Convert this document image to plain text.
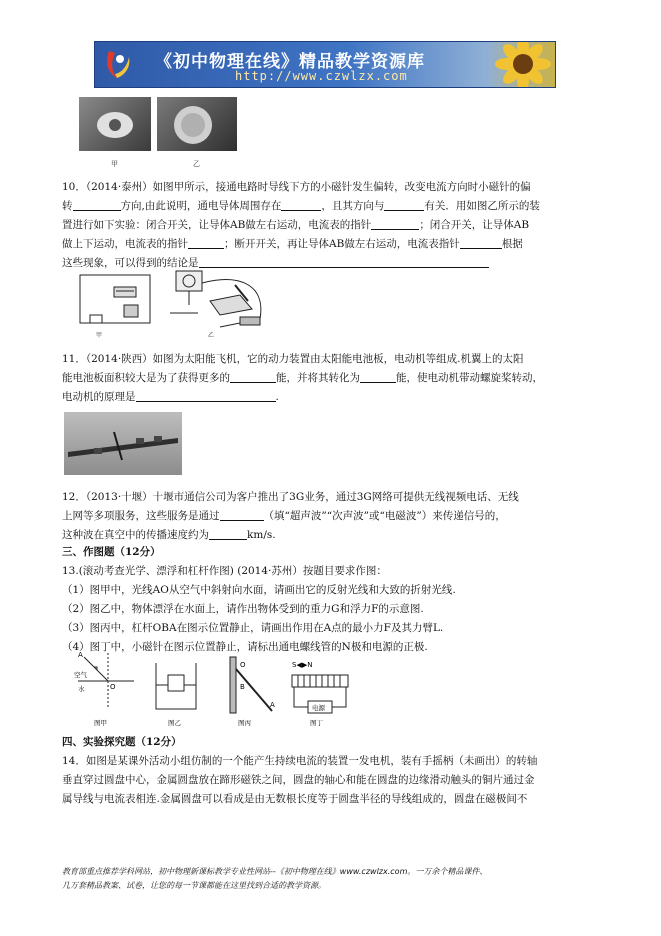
《初中物理在线》精品教学资源库
http://www.czwlzx.com
甲	乙
10．（2014·泰州）如图甲所示，接通电路时导线下方的小磁针发生偏转，改变电流方向时小磁针的偏
转	方向,由此说明，通电导体周围存在	，且其方向与	有关．用如图乙所示的装
置进行如下实验：闭合开关，让导体AB做左右运动，电流表的指针	；闭合开关，让导体AB
做上下运动，电流表的指针	；断开开关，再让导体AB做左右运动，电流表指针	根据
这些现象，可以得到的结论是
甲	乙
11．（2014·陕西）如图为太阳能飞机，它的动力装置由太阳能电池板，电动机等组成.机翼上的太阳
能电池板面积较大是为了获得更多的	能，并将其转化为	能，使电动机带动螺旋桨转动，
电动机的原理是	.
12．（2013·十堰）十堰市通信公司为客户推出了3G业务，通过3G网络可提供无线视频电话、无线
上网等多项服务，这些服务是通过	（填“超声波”“次声波”或“电磁波”）来传递信号的，
这种波在真空中的传播速度约为	km/s.
三、作图题（12分）
13.(滚动考查光学、漂浮和杠杆作图) (2014·苏州）按题目要求作图：
（1）图甲中，光线AO从空气中斜射向水面，请画出它的反射光线和大致的折射光线.
（2）图乙中，物体漂浮在水面上，请作出物体受到的重力G和浮力F的示意图.
（3）图丙中，杠杆OBA在图示位置静止，请画出作用在A点的最小力F及其力臂L.
（4）图丁中，小磁针在图示位置静止，请标出通电螺线管的N极和电源的正极.
A
O
空气
水
图甲	图乙
O
B
A
图丙
S◀▶N
电源
图丁
四、实验探究题（12分）
14．如图是某课外活动小组仿制的一个能产生持续电流的装置一发电机，装有手摇柄（未画出）的转轴
垂直穿过圆盘中心，金属圆盘放在蹄形磁铁之间，圆盘的轴心和能在圆盘的边缘滑动触头的铜片通过金
属导线与电流表相连.金属圆盘可以看成是由无数根长度等于圆盘半径的导线组成的，圆盘在磁极间不
教育部重点推荐学科网站，初中物理新课标教学专业性网站--《初中物理在线》www.czwlzx.com。一万余个精品课件、
几万套精品教案、试卷，让您的每一节课都能在这里找到合适的教学资源。
